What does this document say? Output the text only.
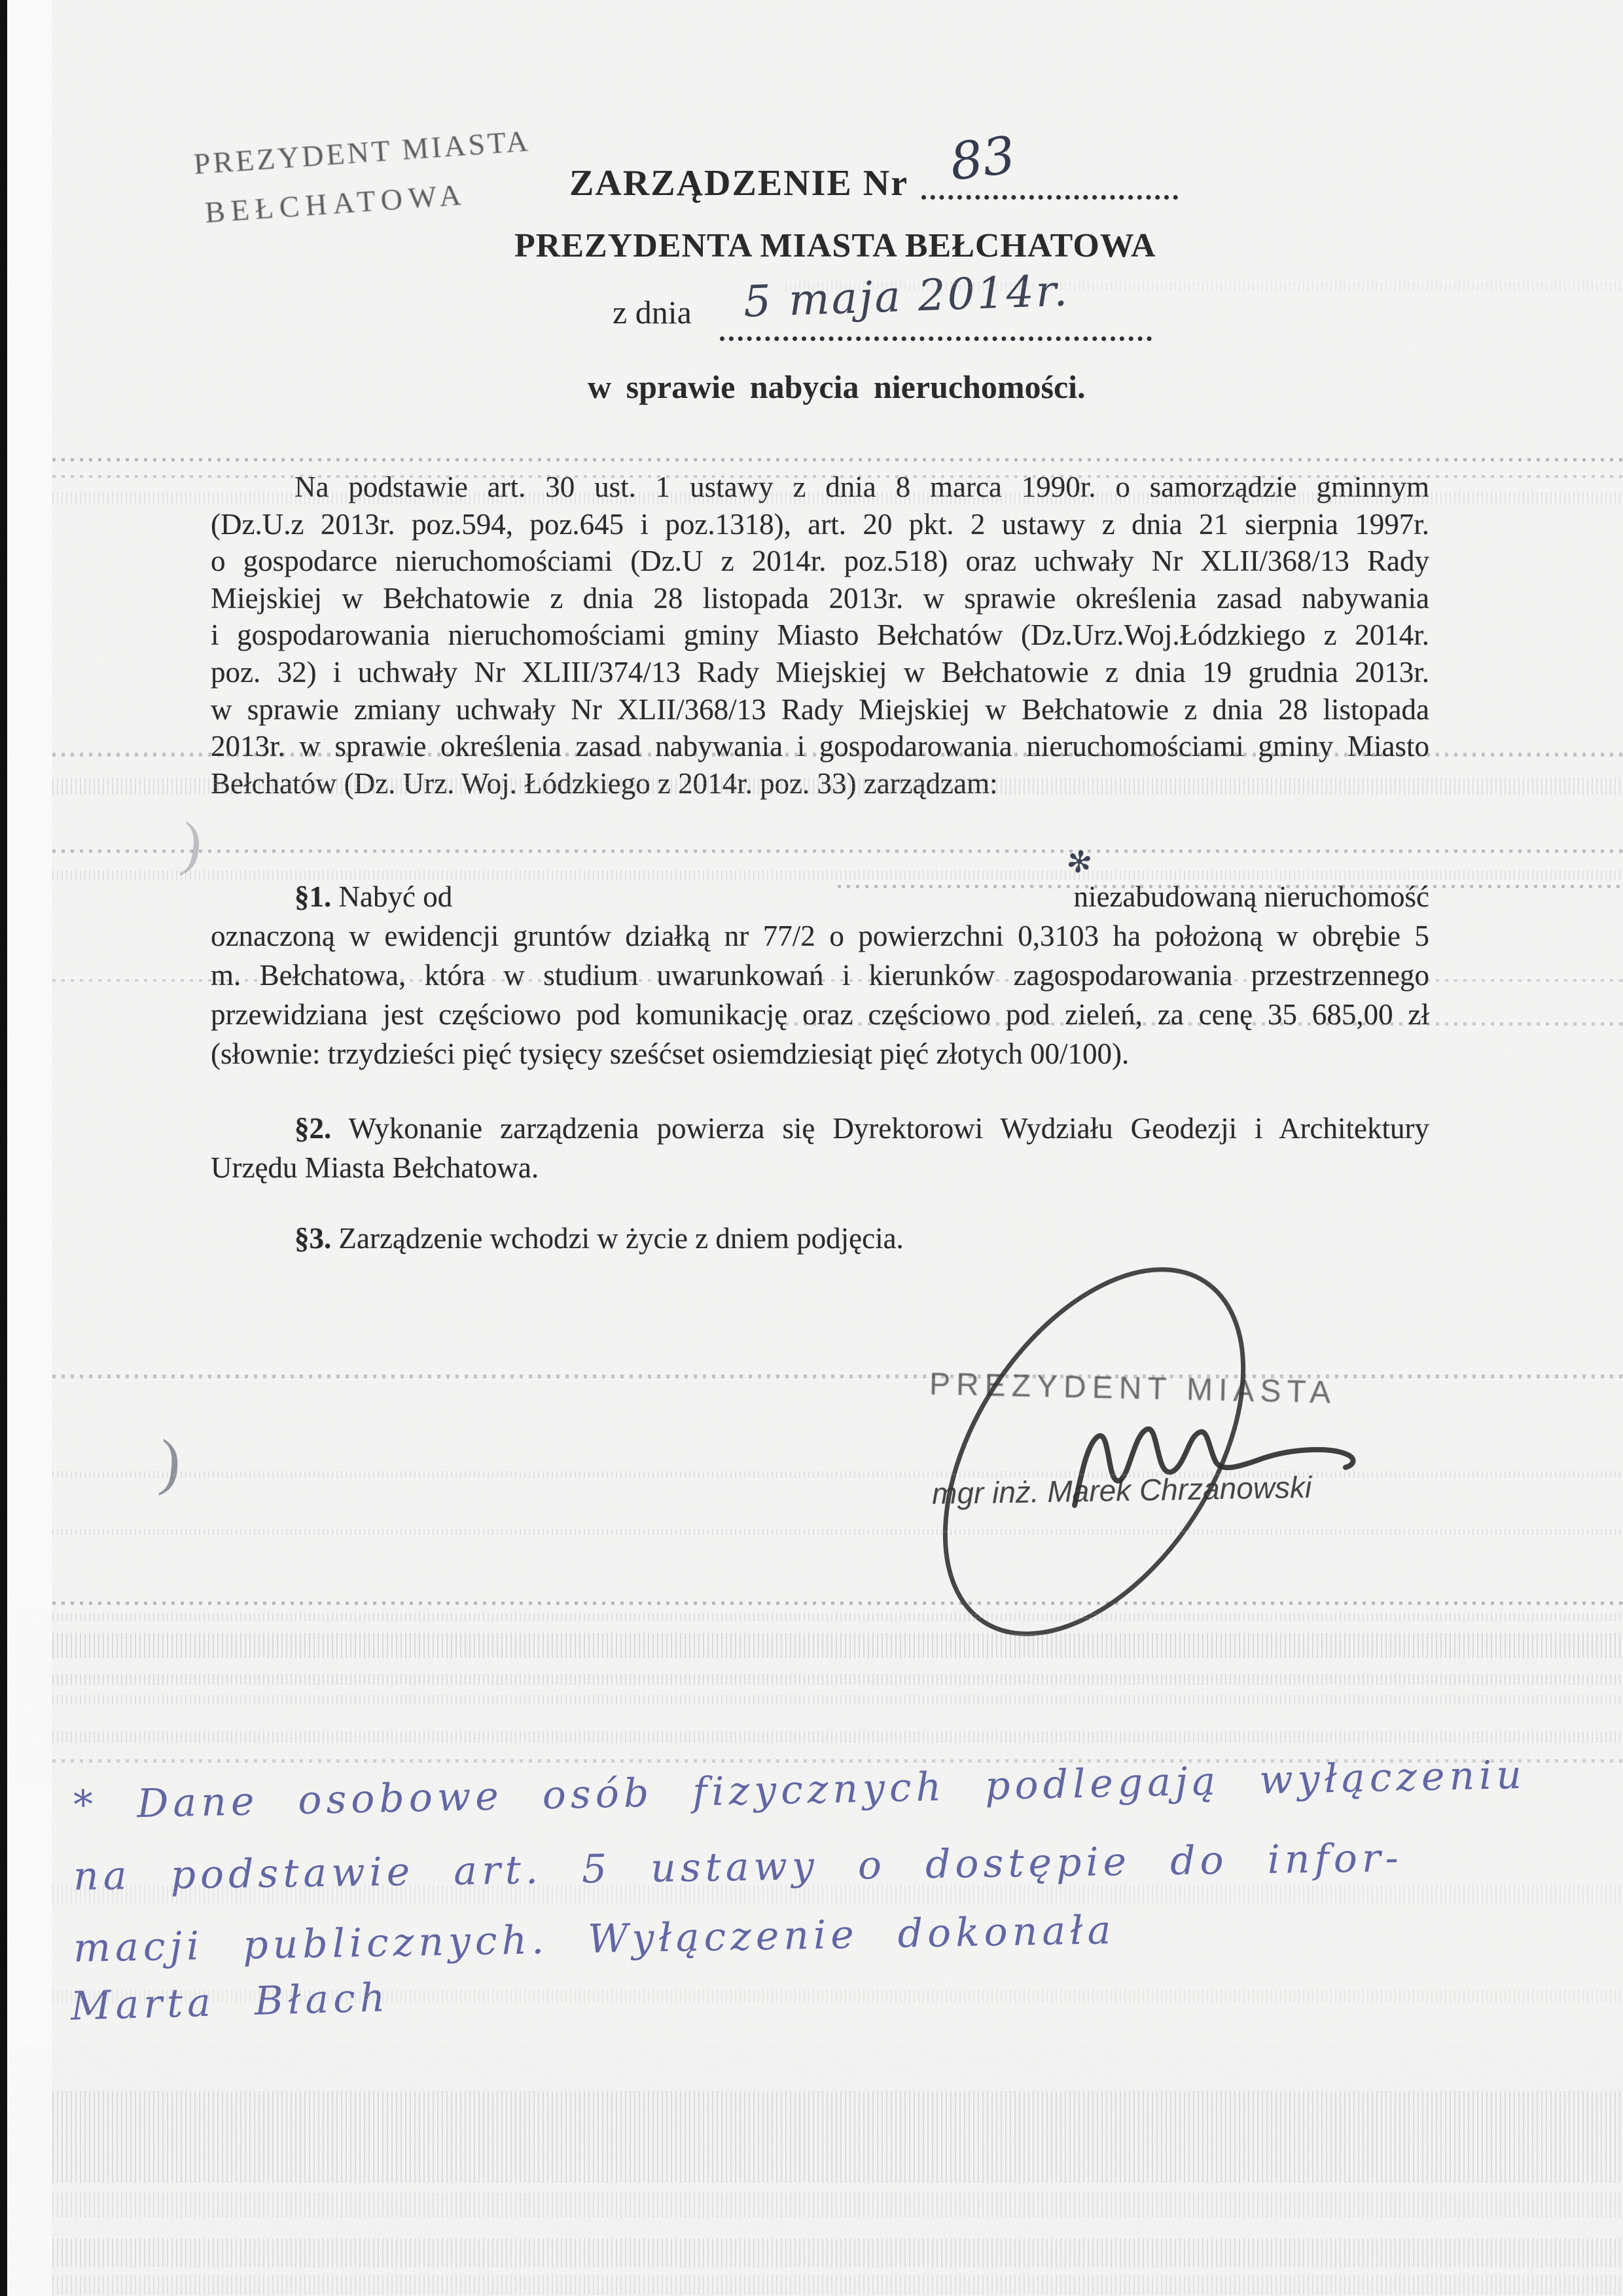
PREZYDENT MIASTA
BEŁCHATOWA	ZARZĄDZENIE Nr 83
PREZYDENTA MIASTA BEŁCHATOWA
z dnia 5 maja 2014r.
w sprawie nabycia nieruchomości.
Na podstawie art. 30 ust. 1 ustawy z dnia 8 marca 1990r. o samorządzie gminnym
(Dz.U.z 2013r. poz.594, poz.645 i poz.1318), art. 20 pkt. 2 ustawy z dnia 21 sierpnia 1997r.
o gospodarce nieruchomościami (Dz.U z 2014r. poz.518) oraz uchwały Nr XLII/368/13 Rady
Miejskiej w Bełchatowie z dnia 28 listopada 2013r. w sprawie określenia zasad nabywania
i gospodarowania nieruchomościami gminy Miasto Bełchatów (Dz.Urz.Woj.Łódzkiego z 2014r.
poz. 32) i uchwały Nr XLIII/374/13 Rady Miejskiej w Bełchatowie z dnia 19 grudnia 2013r.
w sprawie zmiany uchwały Nr XLII/368/13 Rady Miejskiej w Bełchatowie z dnia 28 listopada
2013r. w sprawie określenia zasad nabywania i gospodarowania nieruchomościami gminy Miasto
Bełchatów (Dz. Urz. Woj. Łódzkiego z 2014r. poz. 33) zarządzam:
§1. Nabyć od	niezabudowaną nieruchomość
oznaczoną w ewidencji gruntów działką nr 77/2 o powierzchni 0,3103 ha położoną w obrębie 5
m. Bełchatowa, która w studium uwarunkowań i kierunków zagospodarowania przestrzennego
przewidziana jest częściowo pod komunikację oraz częściowo pod zieleń, za cenę 35 685,00 zł
(słownie: trzydzieści pięć tysięcy sześćset osiemdziesiąt pięć złotych 00/100).
✻
§2. Wykonanie zarządzenia powierza się Dyrektorowi Wydziału Geodezji i Architektury
Urzędu Miasta Bełchatowa.
§3. Zarządzenie wchodzi w życie z dniem podjęcia.
)
)
PREZYDENT MIASTA
mgr inż. Marek Chrzanowski
* Dane osobowe osób fizycznych podlegają wyłączeniu
na podstawie art. 5 ustawy o dostępie do infor-
macji publicznych. Wyłączenie dokonała
Marta Błach
